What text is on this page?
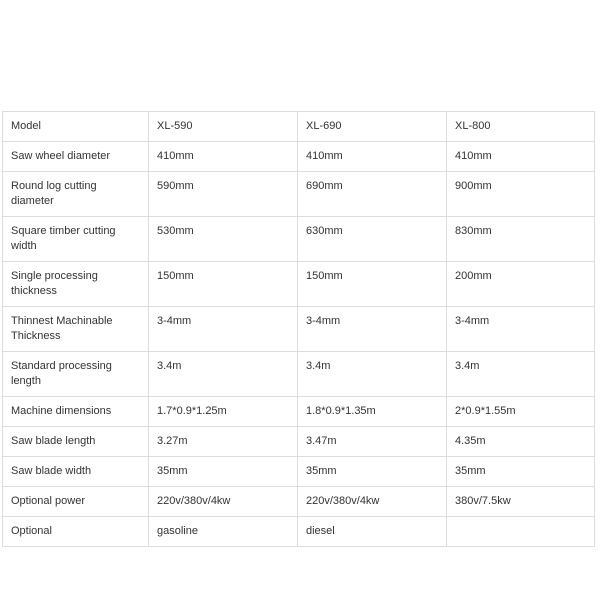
Model	XL-590	XL-690	XL-800
Saw wheel diameter	410mm	410mm	410mm
Round log cutting diameter	590mm	690mm	900mm
Square timber cutting width	530mm	630mm	830mm
Single processing thickness	150mm	150mm	200mm
Thinnest Machinable Thickness	3-4mm	3-4mm	3-4mm
Standard processing length	3.4m	3.4m	3.4m
Machine dimensions	1.7*0.9*1.25m	1.8*0.9*1.35m	2*0.9*1.55m
Saw blade length	3.27m	3.47m	4.35m
Saw blade width	35mm	35mm	35mm
Optional power	220v/380v/4kw	220v/380v/4kw	380v/7.5kw
Optional	gasoline	diesel	
